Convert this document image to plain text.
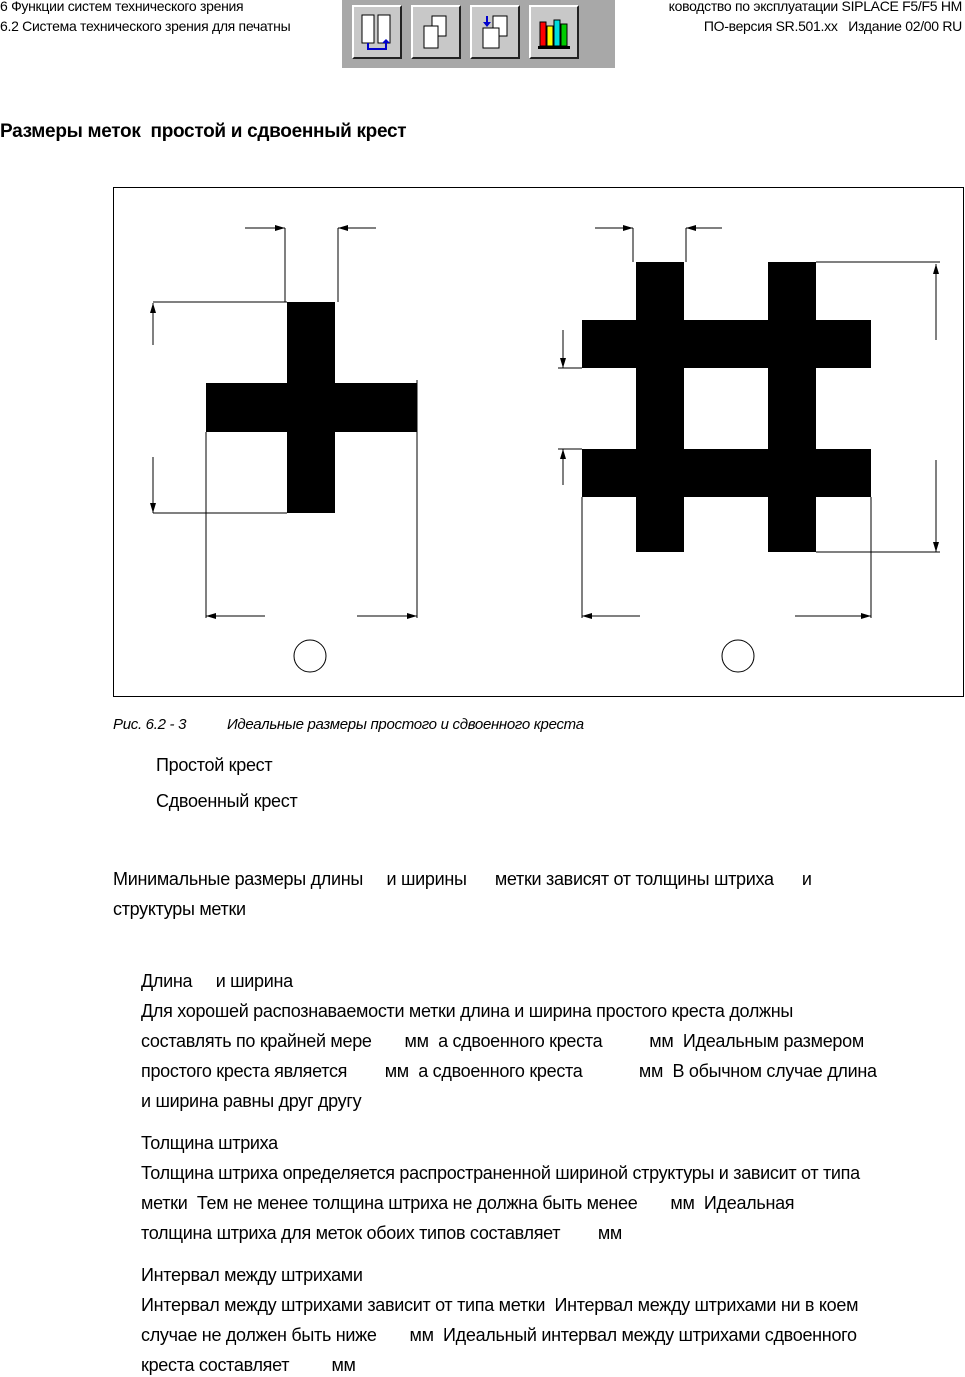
6 Функции систем технического зрения
6.2 Система технического зрения для печатны
ководство по эксплуатации SIPLACE F5/F5 HM
ПО-версия SR.501.xx   Издание 02/00 RU
Размеры меток  простой и сдвоенный крест
Рис. 6.2 - 3	Идеальные размеры простого и сдвоенного креста
Простой крест
Сдвоенный крест
Минимальные размеры длины     и ширины      метки зависят от толщины штриха      и
структуры метки
Длина     и ширина
Для хорошей распознаваемости метки длина и ширина простого креста должны
составлять по крайней мере       мм  а сдвоенного креста          мм  Идеальным размером
простого креста является        мм  а сдвоенного креста            мм  В обычном случае длина
и ширина равны друг другу
Толщина штриха
Толщина штриха определяется распространенной шириной структуры и зависит от типа
метки  Тем не менее толщина штриха не должна быть менее       мм  Идеальная
толщина штриха для меток обоих типов составляет        мм
Интервал между штрихами
Интервал между штрихами зависит от типа метки  Интервал между штрихами ни в коем
случае не должен быть ниже       мм  Идеальный интервал между штрихами сдвоенного
креста составляет         мм
